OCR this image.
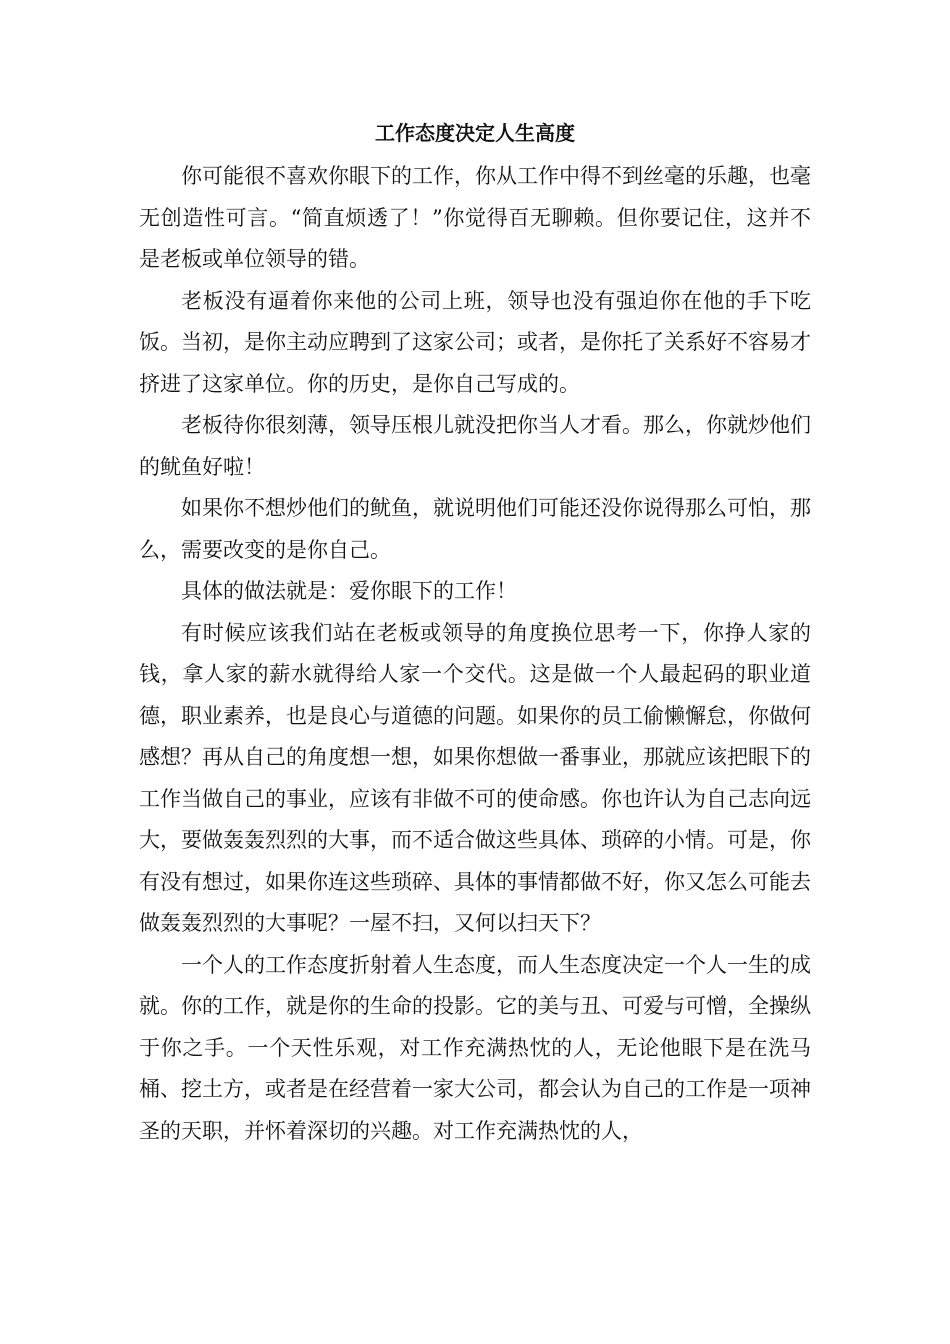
工作态度决定人生高度

你可能很不喜欢你眼下的工作，你从工作中得不到丝毫的乐趣，也毫无创造性可言。“简直烦透了！”你觉得百无聊赖。但你要记住，这并不是老板或单位领导的错。

老板没有逼着你来他的公司上班，领导也没有强迫你在他的手下吃饭。当初，是你主动应聘到了这家公司；或者，是你托了关系好不容易才挤进了这家单位。你的历史，是你自己写成的。

老板待你很刻薄，领导压根儿就没把你当人才看。那么，你就炒他们的鱿鱼好啦！

如果你不想炒他们的鱿鱼，就说明他们可能还没你说得那么可怕，那么，需要改变的是你自己。

具体的做法就是：爱你眼下的工作！

有时候应该我们站在老板或领导的角度换位思考一下，你挣人家的钱，拿人家的薪水就得给人家一个交代。这是做一个人最起码的职业道德，职业素养，也是良心与道德的问题。如果你的员工偷懒懈怠，你做何感想？再从自己的角度想一想，如果你想做一番事业，那就应该把眼下的工作当做自己的事业，应该有非做不可的使命感。你也许认为自己志向远大，要做轰轰烈烈的大事，而不适合做这些具体、琐碎的小情。可是，你有没有想过，如果你连这些琐碎、具体的事情都做不好，你又怎么可能去做轰轰烈烈的大事呢？一屋不扫，又何以扫天下？

一个人的工作态度折射着人生态度，而人生态度决定一个人一生的成就。你的工作，就是你的生命的投影。它的美与丑、可爱与可憎，全操纵于你之手。一个天性乐观，对工作充满热忱的人，无论他眼下是在洗马桶、挖土方，或者是在经营着一家大公司，都会认为自己的工作是一项神圣的天职，并怀着深切的兴趣。对工作充满热忱的人，
